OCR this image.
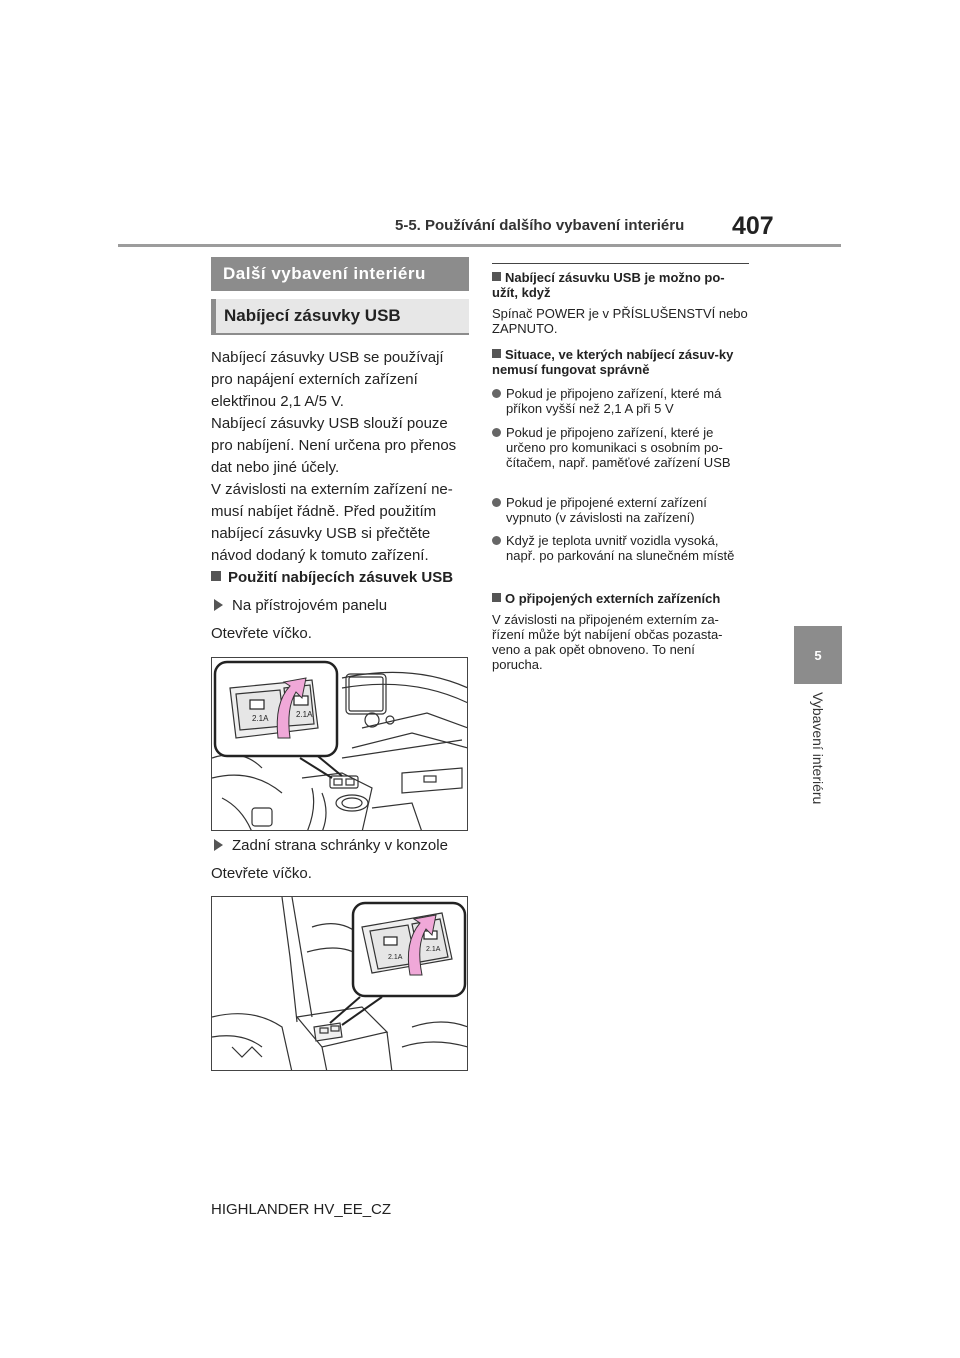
5-5. Používání dalšího vybavení interiéru 407
5
Vybavení interiéru
Další vybavení interiéru
Nabíjecí zásuvky USB

Nabíjecí zásuvky USB se používají pro napájení externích zařízení elektřinou 2,1 A/5 V.

Nabíjecí zásuvky USB slouží pouze pro nabíjení. Není určena pro přenos dat nebo jiné účely.

V závislosti na externím zařízení ne-musí nabíjet řádně. Před použitím nabíjecí zásuvky USB si přečtěte návod dodaný k tomuto zařízení.

Použití nabíjecích zásuvek USB
Na přístrojovém panelu
Otevřete víčko.
2.1A	2.1A
Zadní strana schránky v konzole
Otevřete víčko.
2.1A
2.1A
Nabíjecí zásuvku USB je možno po-užít, když
Spínač POWER je v PŘÍSLUŠENSTVÍ nebo ZAPNUTO.
Situace, ve kterých nabíjecí zásuv-ky nemusí fungovat správně
Pokud je připojeno zařízení, které má příkon vyšší než 2,1 A při 5 V
Pokud je připojeno zařízení, které je určeno pro komunikaci s osobním po-čítačem, např. paměťové zařízení USB
Pokud je připojené externí zařízení vypnuto (v závislosti na zařízení)
Když je teplota uvnitř vozidla vysoká, např. po parkování na slunečném místě
O připojených externích zařízeních
V závislosti na připojeném externím za-řízení může být nabíjení občas pozasta-veno a pak opět obnoveno. To není porucha.
HIGHLANDER HV_EE_CZ
